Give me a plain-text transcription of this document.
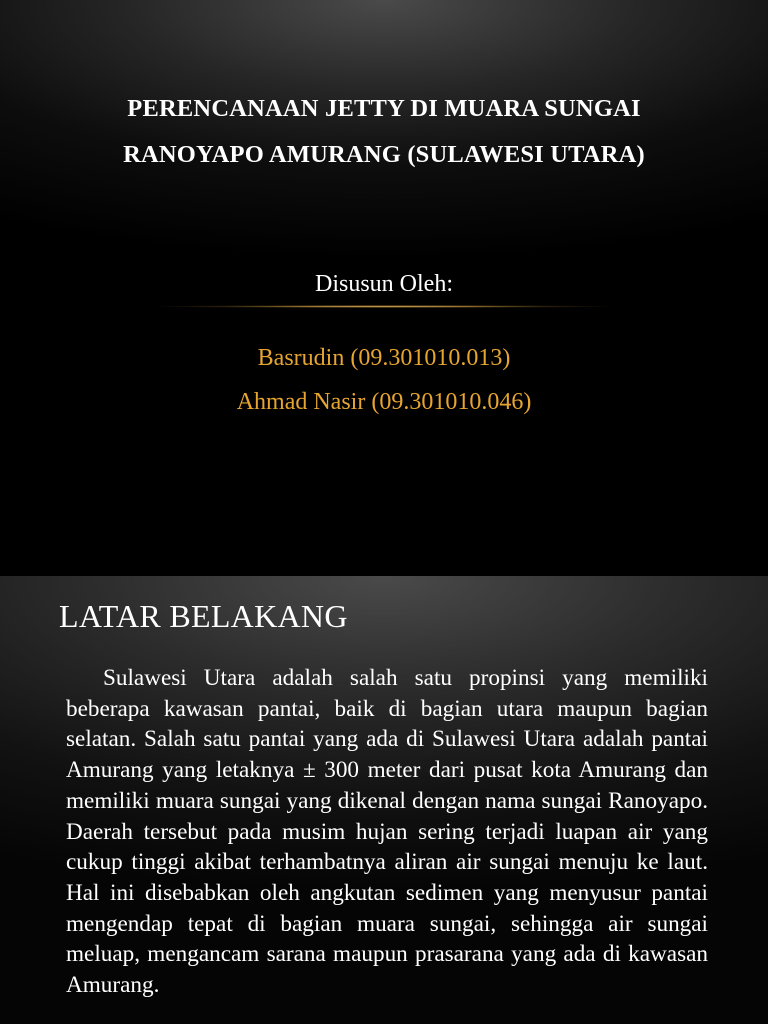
PERENCANAAN JETTY DI MUARA SUNGAI
RANOYAPO AMURANG (SULAWESI UTARA)
Disusun Oleh:
Basrudin (09.301010.013)
Ahmad Nasir (09.301010.046)
LATAR BELAKANG

Sulawesi Utara adalah salah satu propinsi yang memiliki beberapa kawasan pantai, baik di bagian utara maupun bagian selatan. Salah satu pantai yang ada di Sulawesi Utara adalah pantai Amurang yang letaknya ± 300 meter dari pusat kota Amurang dan memiliki muara sungai yang dikenal dengan nama sungai Ranoyapo. Daerah tersebut pada musim hujan sering terjadi luapan air yang cukup tinggi akibat terhambatnya aliran air sungai menuju ke laut. Hal ini disebabkan oleh angkutan sedimen yang menyusur pantai mengendap tepat di bagian muara sungai, sehingga air sungai meluap, mengancam sarana maupun prasarana yang ada di kawasan Amurang.
